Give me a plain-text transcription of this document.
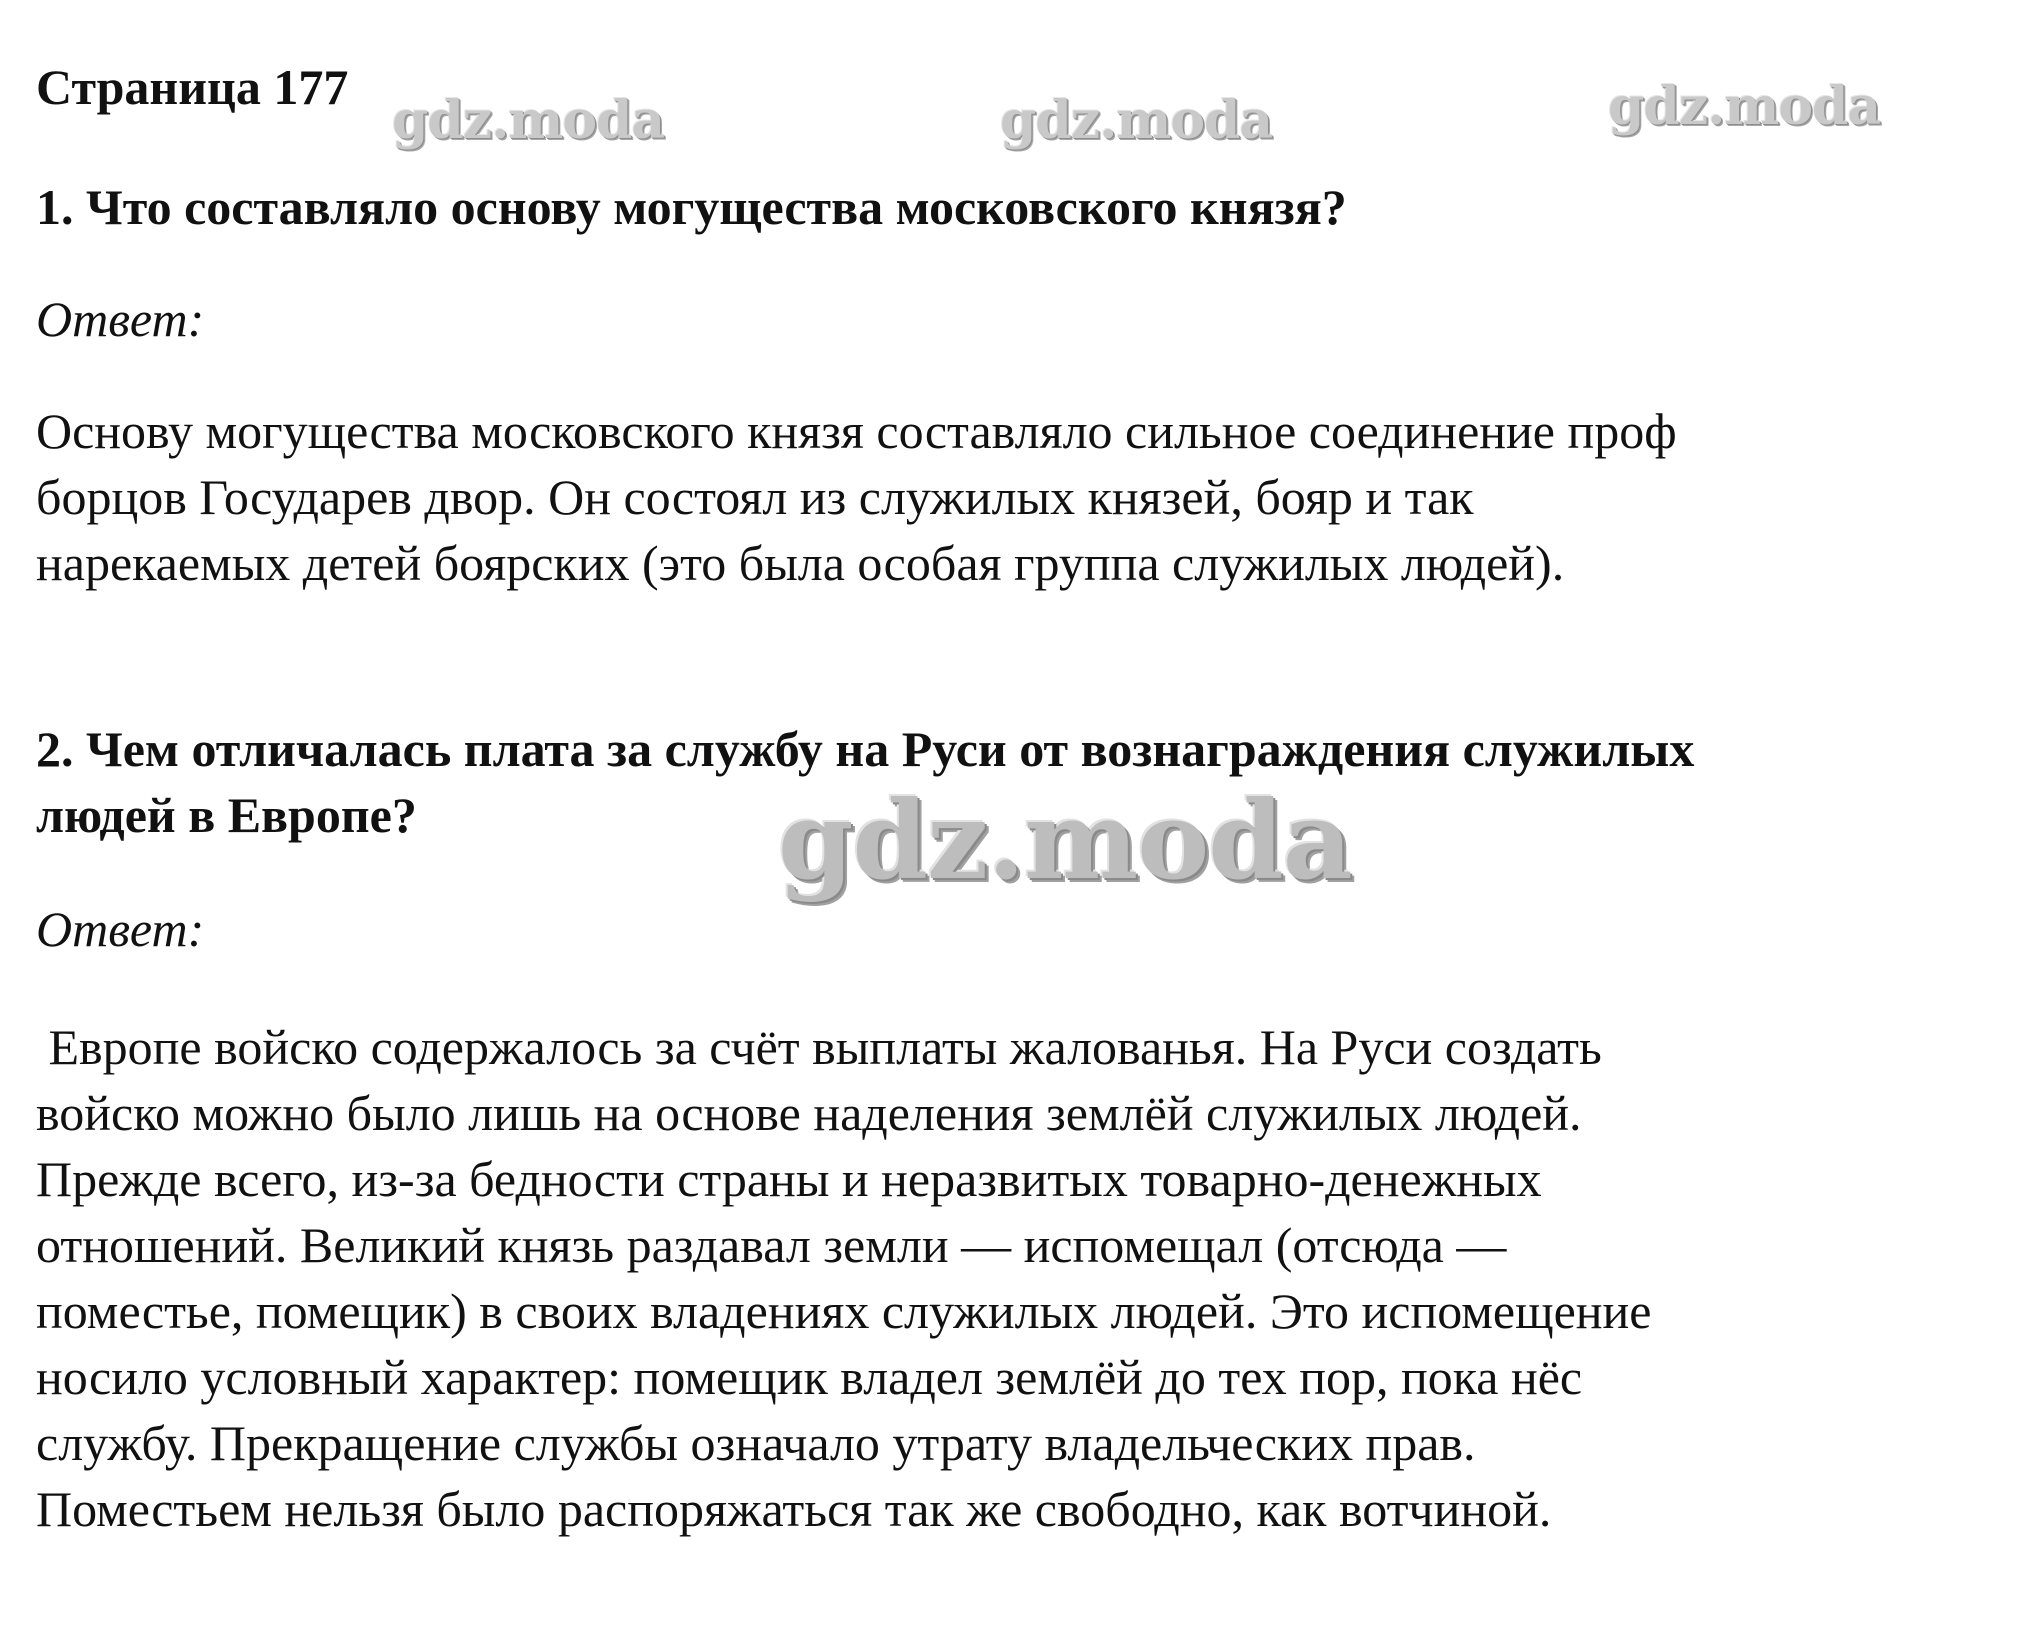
Страница 177
1. Что составляло основу могущества московского князя?
Ответ:
Основу могущества московского князя составляло сильное соединение проф
борцов Государев двор. Он состоял из служилых князей, бояр и так
нарекаемых детей боярских (это была особая группа служилых людей).
2. Чем отличалась плата за службу на Руси от вознаграждения служилых
людей в Европе?
Ответ:
Европе войско содержалось за счёт выплаты жалованья. На Руси создать
войско можно было лишь на основе наделения землёй служилых людей.
Прежде всего, из-за бедности страны и неразвитых товарно-денежных
отношений. Великий князь раздавал земли — испомещал (отсюда —
поместье, помещик) в своих владениях служилых людей. Это испомещение
носило условный характер: помещик владел землёй до тех пор, пока нёс
службу. Прекращение службы означало утрату владельческих прав.
Поместьем нельзя было распоряжаться так же свободно, как вотчиной.
gdz.moda	gdz.moda	gdz.moda
gdz.moda
